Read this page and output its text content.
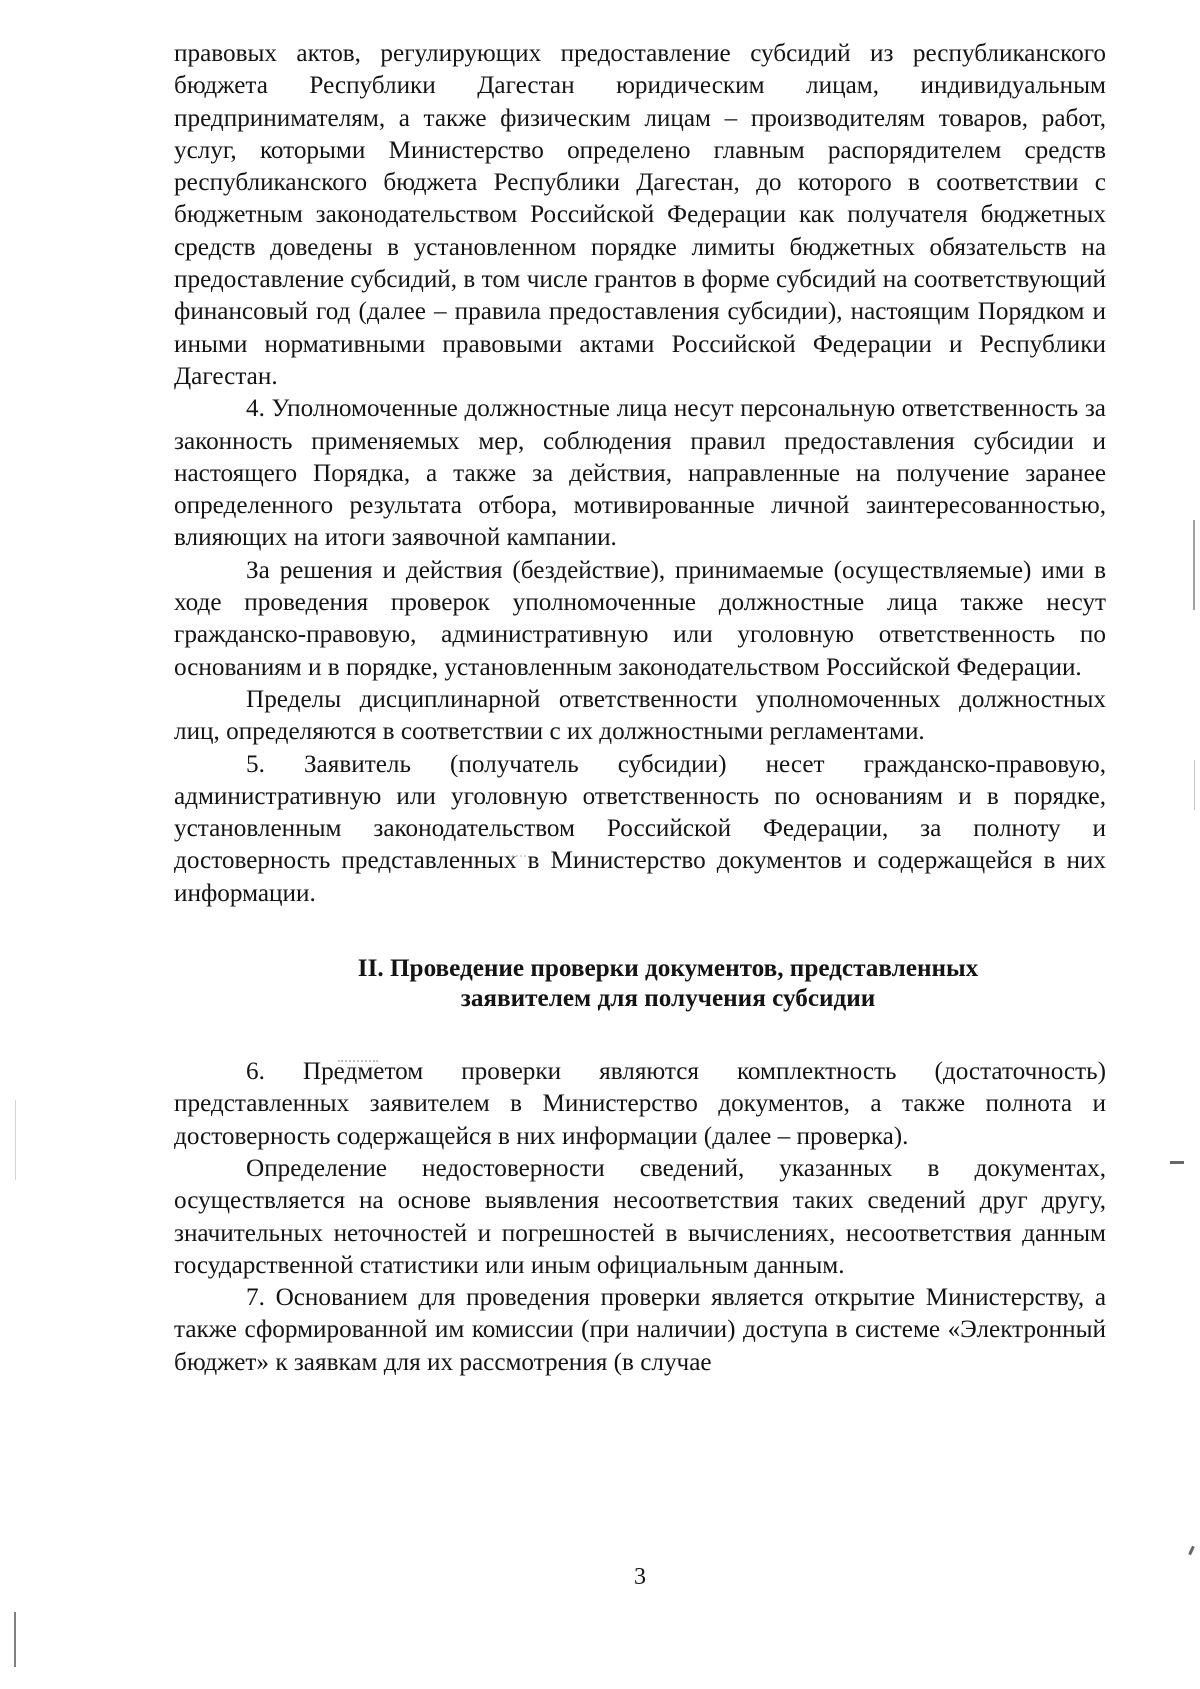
правовых актов, регулирующих предоставление субсидий из республиканского бюджета Республики Дагестан юридическим лицам, индивидуальным предпринимателям, а также физическим лицам – производителям товаров, работ, услуг, которыми Министерство определено главным распорядителем средств республиканского бюджета Республики Дагестан, до которого в соответствии с бюджетным законодательством Российской Федерации как получателя бюджетных средств доведены в установленном порядке лимиты бюджетных обязательств на предоставление субсидий, в том числе грантов в форме субсидий на соответствующий финансовый год (далее – правила предоставления субсидии), настоящим Порядком и иными нормативными правовыми актами Российской Федерации и Республики Дагестан.

4. Уполномоченные должностные лица несут персональную ответственность за законность применяемых мер, соблюдения правил предоставления субсидии и настоящего Порядка, а также за действия, направленные на получение заранее определенного результата отбора, мотивированные личной заинтересованностью, влияющих на итоги заявочной кампании.

За решения и действия (бездействие), принимаемые (осуществляемые) ими в ходе проведения проверок уполномоченные должностные лица также несут гражданско-правовую, административную или уголовную ответственность по основаниям и в порядке, установленным законодательством Российской Федерации.

Пределы дисциплинарной ответственности уполномоченных должностных лиц, определяются в соответствии с их должностными регламентами.

5. Заявитель (получатель субсидии) несет гражданско-правовую, административную или уголовную ответственность по основаниям и в порядке, установленным законодательством Российской Федерации, за полноту и достоверность представленных в Министерство документов и содержащейся в них информации.

II. Проведение проверки документов, представленных
заявителем для получения субсидии

6. Предметом проверки являются комплектность (достаточность) представленных заявителем в Министерство документов, а также полнота и достоверность содержащейся в них информации (далее – проверка).

Определение недостоверности сведений, указанных в документах, осуществляется на основе выявления несоответствия таких сведений друг другу, значительных неточностей и погрешностей в вычислениях, несоответствия данным государственной статистики или иным официальным данным.

7. Основанием для проведения проверки является открытие Министерству, а также сформированной им комиссии (при наличии) доступа в системе «Электронный бюджет» к заявкам для их рассмотрения (в случае

3
